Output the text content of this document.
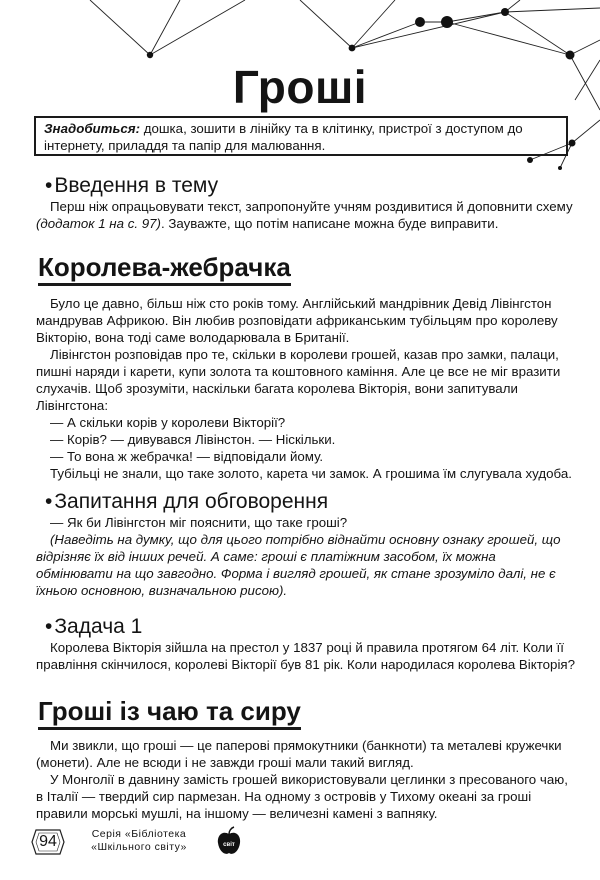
Гроші
Знадобиться: дошка, зошити в лінійку та в клітинку, пристрої з доступом до інтернету, приладдя та папір для малювання.
•Введення в тему

Перш ніж опрацьовувати текст, запропонуйте учням роздивитися й доповнити схему (додаток 1 на с. 97). Зауважте, що потім написане можна буде виправити.

Королева-жебрачка

Було це давно, більш ніж сто років тому. Англійський мандрівник Девід Лівінгстон мандрував Африкою. Він любив розповідати африканським тубільцям про королеву Вікторію, вона тоді саме володарювала в Британії.

Лівінгстон розповідав про те, скільки в королеви грошей, казав про замки, палаци, пишні наряди і карети, купи золота та коштовного каміння. Але це все не міг вразити слухачів. Щоб зрозуміти, наскільки багата королева Вікторія, вони запитували Лівінгстона:

— А скільки корів у королеви Вікторії?

— Корів? — дивувався Лівінстон. — Ніскільки.

— То вона ж жебрачка! — відповідали йому.

Тубільці не знали, що таке золото, карета чи замок. А грошима їм слугувала худоба.

•Запитання для обговорення

— Як би Лівінгстон міг пояснити, що таке гроші?

(Наведіть на думку, що для цього потрібно віднайти основну ознаку грошей, що відрізняє їх від інших речей. А саме: гроші є платіжним засобом, їх можна обмінювати на що завгодно. Форма і вигляд грошей, як стане зрозуміло далі, не є їхньою основною, визначальною рисою).

•Задача 1

Королева Вікторія зійшла на престол у 1837 році й правила протягом 64 літ. Коли її правління скінчилося, королеві Вікторії був 81 рік. Коли народилася королева Вікторія?

Гроші із чаю та сиру

Ми звикли, що гроші — це паперові прямокутники (банкноти) та металеві кружечки (монети). Але не всюди і не завжди гроші мали такий вигляд.

У Монголії в давнину замість грошей використовували цеглинки з пресованого чаю, в Італії — твердий сир пармезан. На одному з островів у Тихому океані за гроші правили морські мушлі, на іншому — величезні камені з вапняку.

94	Серія «Бібліотека
«Шкільного світу»	світ
